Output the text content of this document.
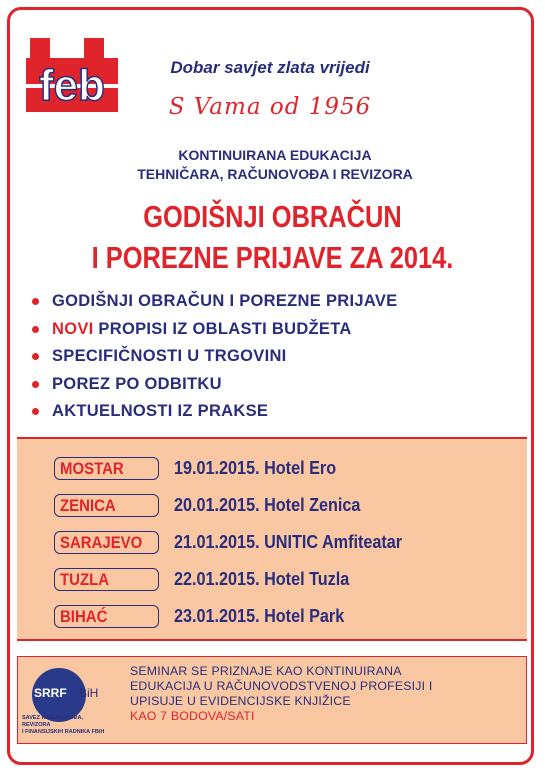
feb	Dobar savjet zlata vrijedi
S Vama od 1956
KONTINUIRANA EDUKACIJA
TEHNIČARA, RAČUNOVOĐA I REVIZORA
GODIŠNJI OBRAČUN
I POREZNE PRIJAVE ZA 2014.
GODIŠNJI OBRAČUN I POREZNE PRIJAVE
NOVI PROPISI IZ OBLASTI BUDŽETA
SPECIFIČNOSTI U TRGOVINI
POREZ PO ODBITKU
AKTUELNOSTI IZ PRAKSE
MOSTAR	19.01.2015. Hotel Ero
ZENICA	20.01.2015. Hotel Zenica
SARAJEVO	21.01.2015. UNITIC Amfiteatar
TUZLA	22.01.2015. Hotel Tuzla
BIHAĆ	23.01.2015. Hotel Park
SRRF BiH
SAVEZ RAČUNOVOĐA, REVIZORA
I FINANSIJSKIH RADNIKA FBiH
SEMINAR SE PRIZNAJE KAO KONTINUIRANA
EDUKACIJA U RAČUNOVODSTVENOJ PROFESIJI I
UPISUJE U EVIDENCIJSKE KNJIŽICE
KAO 7 BODOVA/SATI
